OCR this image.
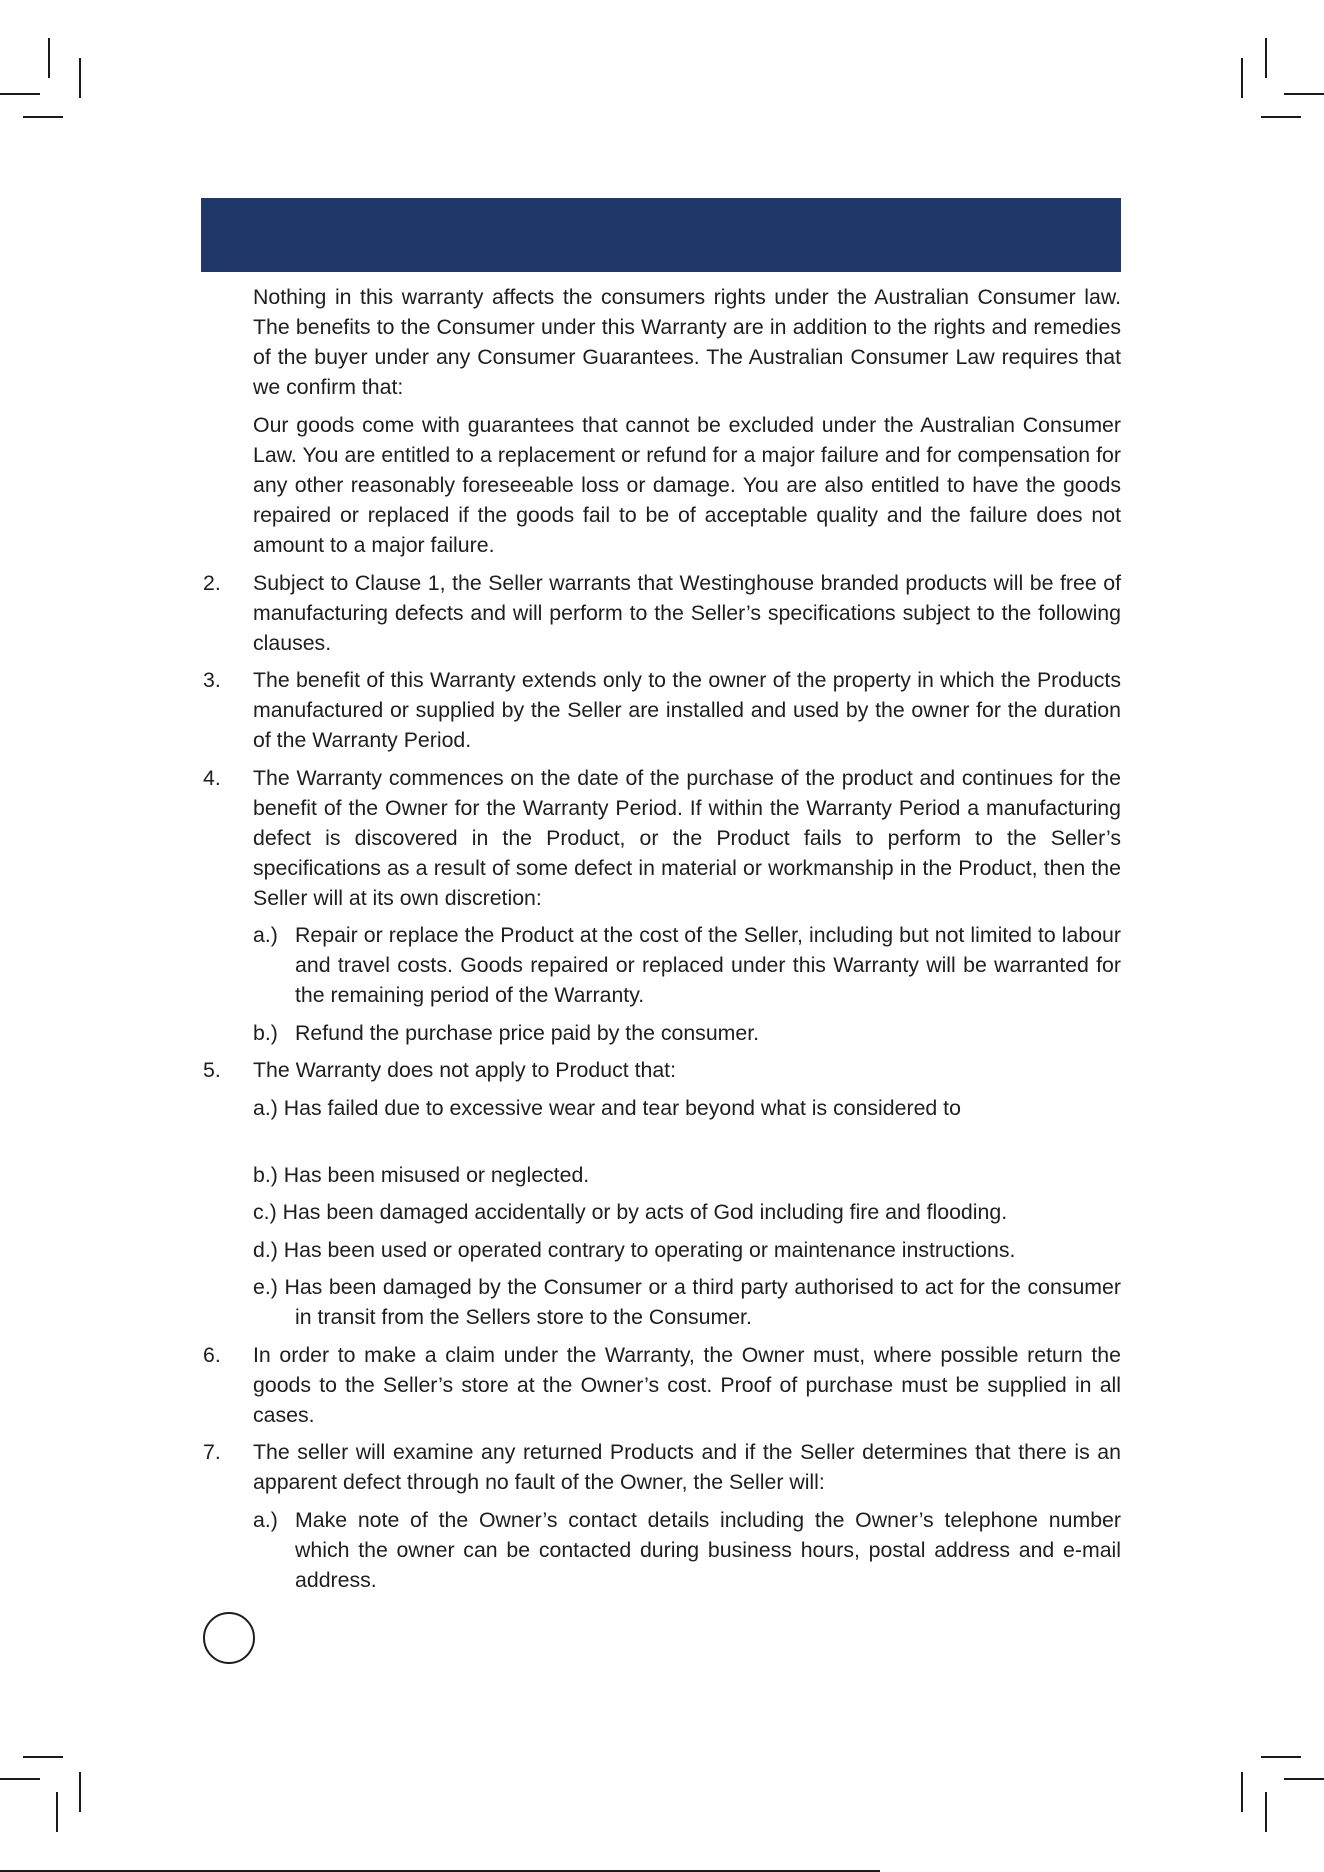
Nothing in this warranty affects the consumers rights under the Australian Consumer law. The benefits to the Consumer under this Warranty are in addition to the rights and remedies of the buyer under any Consumer Guarantees. The Australian Consumer Law requires that we confirm that:

Our goods come with guarantees that cannot be excluded under the Australian Consumer Law. You are entitled to a replacement or refund for a major failure and for compensation for any other reasonably foreseeable loss or damage. You are also entitled to have the goods repaired or replaced if the goods fail to be of acceptable quality and the failure does not amount to a major failure.

2. Subject to Clause 1, the Seller warrants that Westinghouse branded products will be free of manufacturing defects and will perform to the Seller’s specifications subject to the following clauses.

3. The benefit of this Warranty extends only to the owner of the property in which the Products manufactured or supplied by the Seller are installed and used by the owner for the duration of the Warranty Period.

4. The Warranty commences on the date of the purchase of the product and continues for the benefit of the Owner for the Warranty Period. If within the Warranty Period a manufacturing defect is discovered in the Product, or the Product fails to perform to the Seller’s specifications as a result of some defect in material or workmanship in the Product, then the Seller will at its own discretion:

a.) Repair or replace the Product at the cost of the Seller, including but not limited to labour and travel costs. Goods repaired or replaced under this Warranty will be warranted for the remaining period of the Warranty.

b.) Refund the purchase price paid by the consumer.

5. The Warranty does not apply to Product that:

a.) Has failed due to excessive wear and tear beyond what is considered to

b.) Has been misused or neglected.

c.) Has been damaged accidentally or by acts of God including fire and flooding.

d.) Has been used or operated contrary to operating or maintenance instructions.

e.) Has been damaged by the Consumer or a third party authorised to act for the consumer in transit from the Sellers store to the Consumer.

6. In order to make a claim under the Warranty, the Owner must, where possible return the goods to the Seller’s store at the Owner’s cost. Proof of purchase must be supplied in all cases.

7. The seller will examine any returned Products and if the Seller determines that there is an apparent defect through no fault of the Owner, the Seller will:

a.) Make note of the Owner’s contact details including the Owner’s telephone number which the owner can be contacted during business hours, postal address and e-mail address.
